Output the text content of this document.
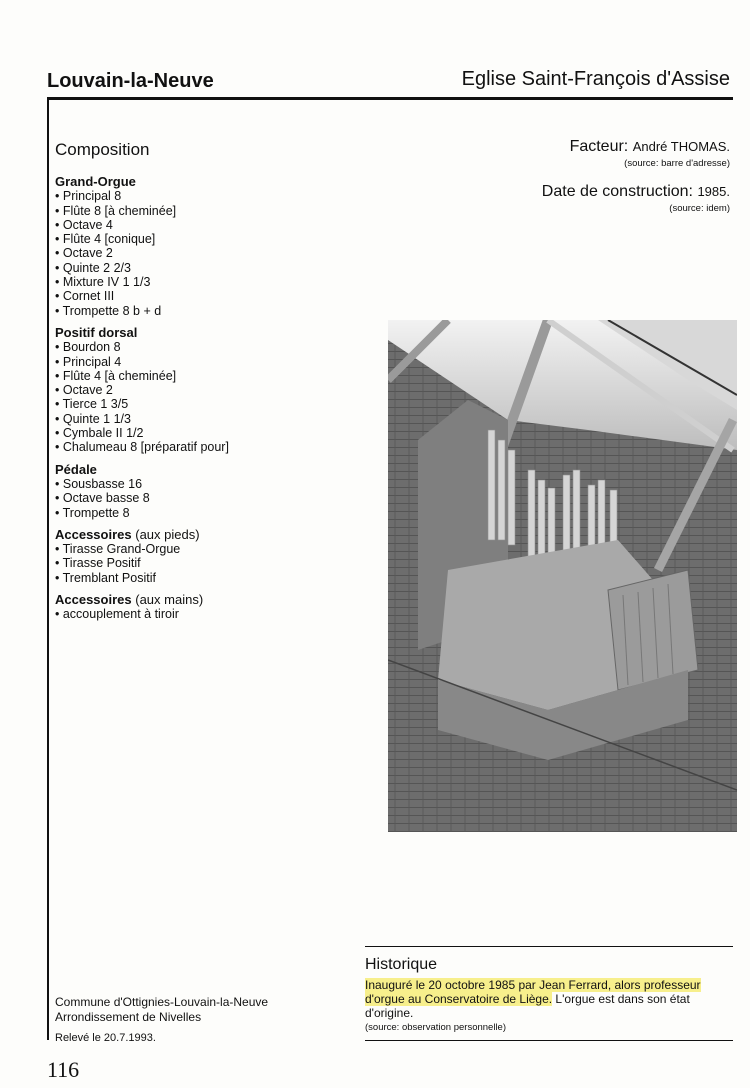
Louvain-la-Neuve	Eglise Saint-François d'Assise
Composition
Grand-Orgue
• Principal 8
• Flûte 8 [à cheminée]
• Octave 4
• Flûte 4 [conique]
• Octave 2
• Quinte 2 2/3
• Mixture IV 1 1/3
• Cornet III
• Trompette 8 b + d
Positif dorsal
• Bourdon 8
• Principal 4
• Flûte 4 [à cheminée]
• Octave 2
• Tierce 1 3/5
• Quinte 1 1/3
• Cymbale II 1/2
• Chalumeau 8 [préparatif pour]
Pédale
• Sousbasse 16
• Octave basse 8
• Trompette 8
Accessoires (aux pieds)
• Tirasse Grand-Orgue
• Tirasse Positif
• Tremblant Positif
Accessoires (aux mains)
• accouplement à tiroir
Facteur: André THOMAS.
(source: barre d'adresse)
Date de construction: 1985.
(source: idem)
Commune d'Ottignies-Louvain-la-Neuve
Arrondissement de Nivelles
Relevé le 20.7.1993.
116
Historique
Inauguré le 20 octobre 1985 par Jean Ferrard, alors professeur d'orgue au Conservatoire de Liège. L'orgue est dans son état d'origine.
(source: observation personnelle)
